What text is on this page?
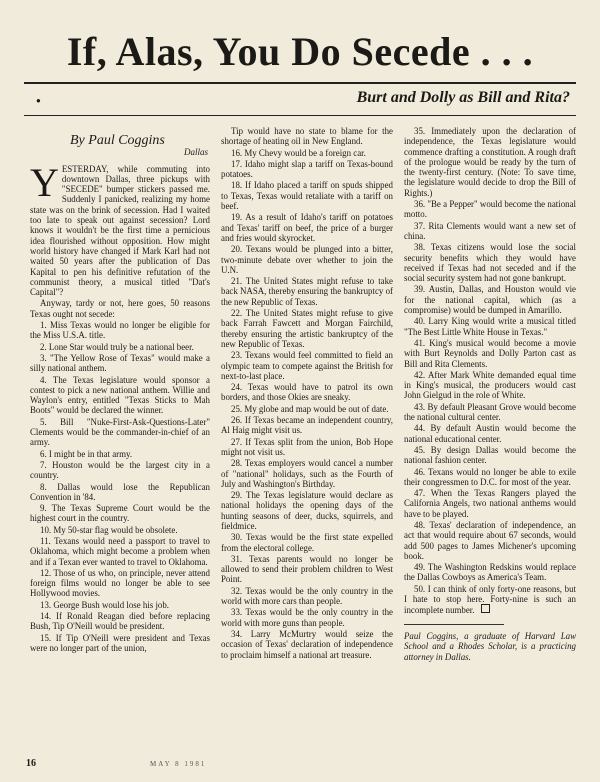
If, Alas, You Do Secede . . .
●	Burt and Dolly as Bill and Rita?
By Paul Coggins
Dallas

YESTERDAY, while commuting into downtown Dallas, three pickups with "SECEDE" bumper stickers passed me. Suddenly I panicked, realizing my home state was on the brink of secession. Had I waited too late to speak out against secession? Lord knows it wouldn't be the first time a pernicious idea flourished without opposition. How might world history have changed if Mark Karl had not waited 50 years after the publication of Das Kapital to pen his definitive refutation of the communist theory, a musical titled "Dat's Capital"?

Anyway, tardy or not, here goes, 50 reasons Texas ought not secede:

1. Miss Texas would no longer be eligible for the Miss U.S.A. title.

2. Lone Star would truly be a national beer.

3. "The Yellow Rose of Texas" would make a silly national anthem.

4. The Texas legislature would sponsor a contest to pick a new national anthem. Willie and Waylon's entry, entitled "Texas Sticks to Mah Boots" would be declared the winner.

5. Bill "Nuke-First-Ask-Questions-Later" Clements would be the commander-in-chief of an army.

6. I might be in that army.

7. Houston would be the largest city in a country.

8. Dallas would lose the Republican Convention in '84.

9. The Texas Supreme Court would be the highest court in the country.

10. My 50-star flag would be obsolete.

11. Texans would need a passport to travel to Oklahoma, which might become a problem when and if a Texan ever wanted to travel to Oklahoma.

12. Those of us who, on principle, never attend foreign films would no longer be able to see Hollywood movies.

13. George Bush would lose his job.

14. If Ronald Reagan died before replacing Bush, Tip O'Neill would be president.

15. If Tip O'Neill were president and Texas were no longer part of the union,

Tip would have no state to blame for the shortage of heating oil in New England.

16. My Chevy would be a foreign car.

17. Idaho might slap a tariff on Texas-bound potatoes.

18. If Idaho placed a tariff on spuds shipped to Texas, Texas would retaliate with a tariff on beef.

19. As a result of Idaho's tariff on potatoes and Texas' tariff on beef, the price of a burger and fries would skyrocket.

20. Texans would be plunged into a bitter, two-minute debate over whether to join the U.N.

21. The United States might refuse to take back NASA, thereby ensuring the bankruptcy of the new Republic of Texas.

22. The United States might refuse to give back Farrah Fawcett and Morgan Fairchild, thereby ensuring the artistic bankruptcy of the new Republic of Texas.

23. Texans would feel committed to field an olympic team to compete against the British for next-to-last place.

24. Texas would have to patrol its own borders, and those Okies are sneaky.

25. My globe and map would be out of date.

26. If Texas became an independent country, Al Haig might visit us.

27. If Texas split from the union, Bob Hope might not visit us.

28. Texas employers would cancel a number of "national" holidays, such as the Fourth of July and Washington's Birthday.

29. The Texas legislature would declare as national holidays the opening days of the hunting seasons of deer, ducks, squirrels, and fieldmice.

30. Texas would be the first state expelled from the electoral college.

31. Texas parents would no longer be allowed to send their problem children to West Point.

32. Texas would be the only country in the world with more cars than people.

33. Texas would be the only country in the world with more guns than people.

34. Larry McMurtry would seize the occasion of Texas' declaration of independence to proclaim himself a national art treasure.

35. Immediately upon the declaration of independence, the Texas legislature would commence drafting a constitution. A rough draft of the prologue would be ready by the turn of the twenty-first century. (Note: To save time, the legislature would decide to drop the Bill of Rights.)

36. "Be a Pepper" would become the national motto.

37. Rita Clements would want a new set of china.

38. Texas citizens would lose the social security benefits which they would have received if Texas had not seceded and if the social security system had not gone bankrupt.

39. Austin, Dallas, and Houston would vie for the national capital, which (as a compromise) would be dumped in Amarillo.

40. Larry King would write a musical titled "The Best Little White House in Texas."

41. King's musical would become a movie with Burt Reynolds and Dolly Parton cast as Bill and Rita Clements.

42. After Mark White demanded equal time in King's musical, the producers would cast John Gielgud in the role of White.

43. By default Pleasant Grove would become the national cultural center.

44. By default Austin would become the national educational center.

45. By design Dallas would become the national fashion center.

46. Texans would no longer be able to exile their congressmen to D.C. for most of the year.

47. When the Texas Rangers played the California Angels, two national anthems would have to be played.

48. Texas' declaration of independence, an act that would require about 67 seconds, would add 500 pages to James Michener's upcoming book.

49. The Washington Redskins would replace the Dallas Cowboys as America's Team.

50. I can think of only forty-one reasons, but I hate to stop here. Forty-nine is such an incomplete number.

Paul Coggins, a graduate of Harvard Law School and a Rhodes Scholar, is a practicing attorney in Dallas.

16	MAY 8 1981
